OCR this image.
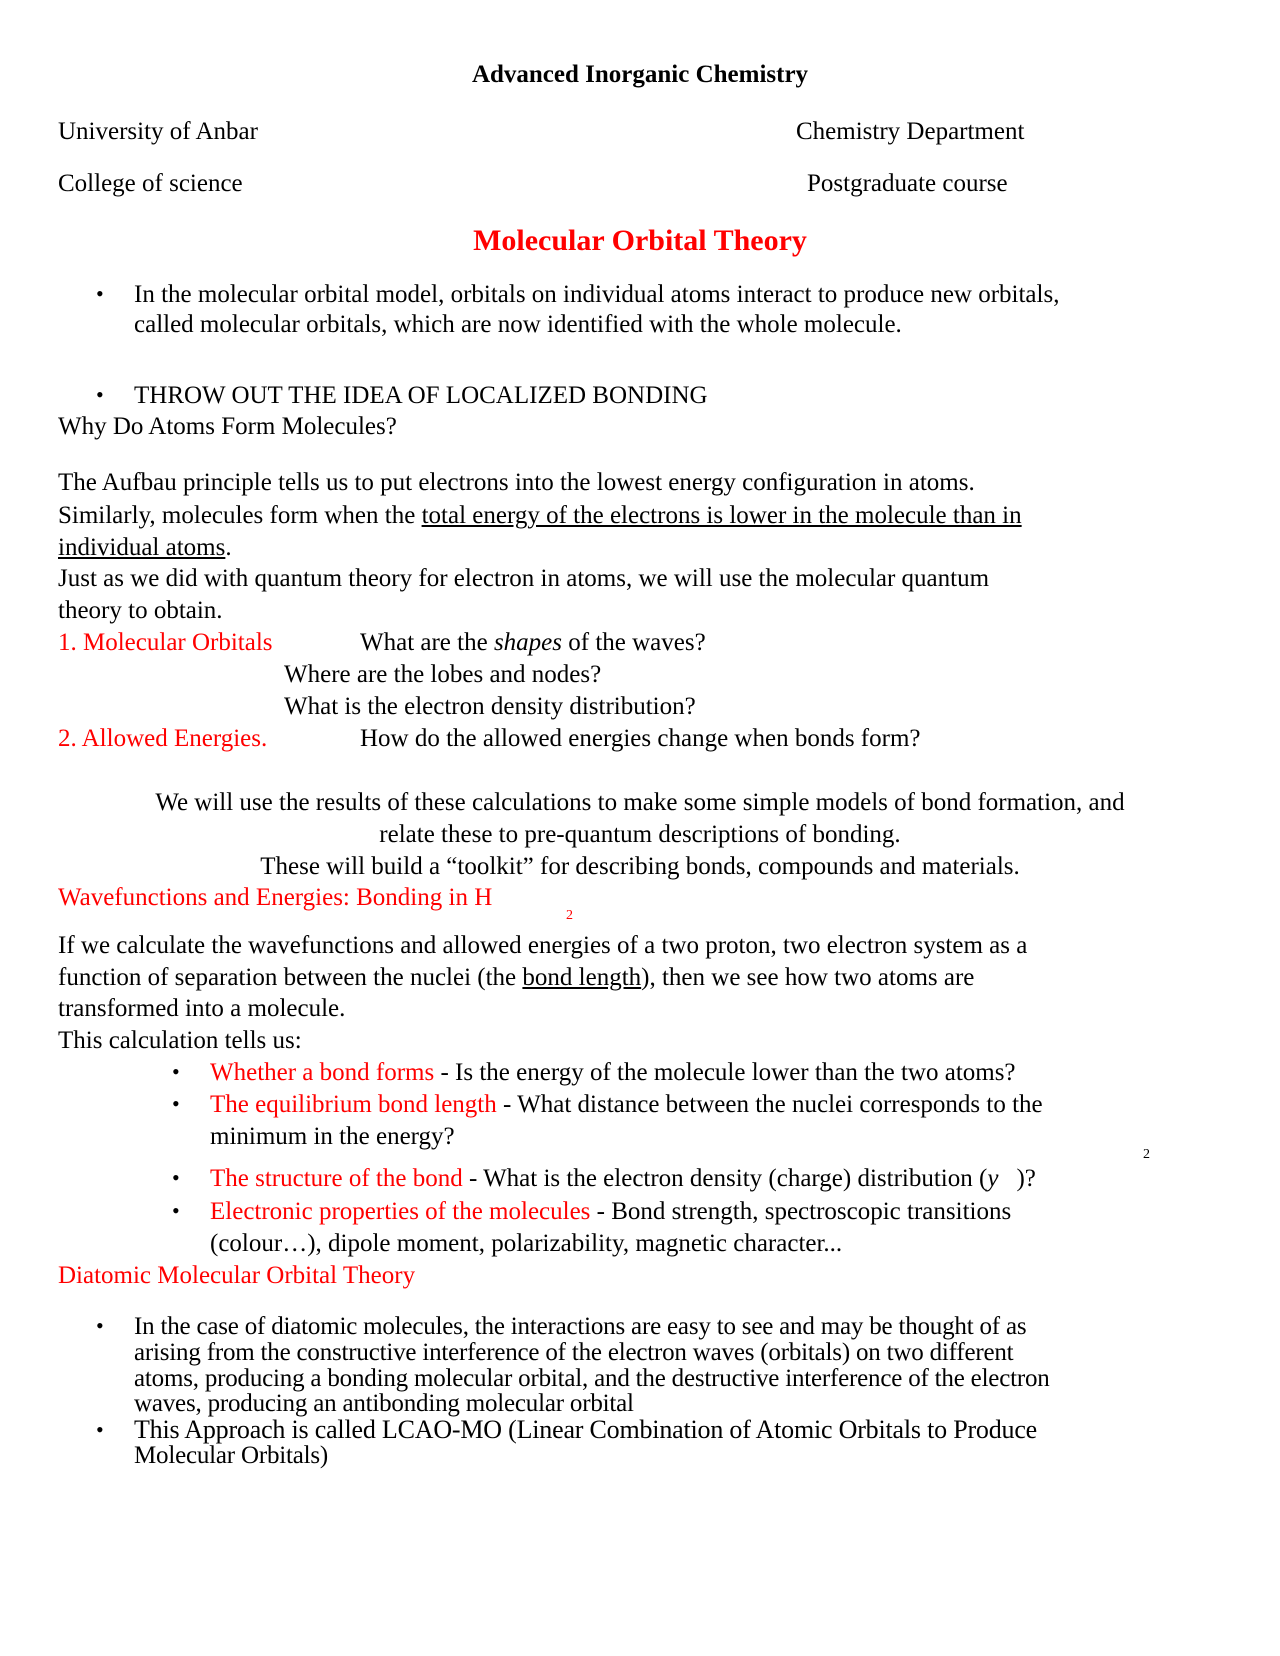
Advanced Inorganic Chemistry
University of Anbar	Chemistry Department
College of science	Postgraduate course
Molecular Orbital Theory
• In the molecular orbital model, orbitals on individual atoms interact to produce new orbitals,
called molecular orbitals, which are now identified with the whole molecule.
• THROW OUT THE IDEA OF LOCALIZED BONDING
Why Do Atoms Form Molecules?
The Aufbau principle tells us to put electrons into the lowest energy configuration in atoms.
Similarly, molecules form when the total energy of the electrons is lower in the molecule than in
individual atoms.
Just as we did with quantum theory for electron in atoms, we will use the molecular quantum
theory to obtain.
1. Molecular Orbitals	What are the shapes of the waves?
Where are the lobes and nodes?
What is the electron density distribution?
2. Allowed Energies.	How do the allowed energies change when bonds form?
We will use the results of these calculations to make some simple models of bond formation, and
relate these to pre-quantum descriptions of bonding.
These will build a “toolkit” for describing bonds, compounds and materials.
Wavefunctions and Energies: Bonding in H
2
If we calculate the wavefunctions and allowed energies of a two proton, two electron system as a
function of separation between the nuclei (the bond length), then we see how two atoms are
transformed into a molecule.
This calculation tells us:
• Whether a bond forms - Is the energy of the molecule lower than the two atoms?
• The equilibrium bond length - What distance between the nuclei corresponds to the
minimum in the energy?
2
• The structure of the bond - What is the electron density (charge) distribution (y )?
• Electronic properties of the molecules - Bond strength, spectroscopic transitions
(colour…), dipole moment, polarizability, magnetic character...
Diatomic Molecular Orbital Theory
• In the case of diatomic molecules, the interactions are easy to see and may be thought of as
arising from the constructive interference of the electron waves (orbitals) on two different
atoms, producing a bonding molecular orbital, and the destructive interference of the electron
waves, producing an antibonding molecular orbital
• This Approach is called LCAO-MO (Linear Combination of Atomic Orbitals to Produce
Molecular Orbitals)
